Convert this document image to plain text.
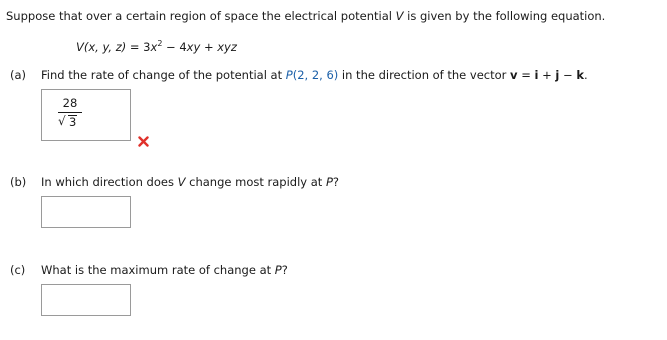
Suppose that over a certain region of space the electrical potential V is given by the following equation.
V(x, y, $z) = 3x^2 - 4xy$ + xyz
(a) Find the rate of change of the potential at P(2, 2, 6) in the direction of the vector v = i + j − k.
28
√ 3
(b) In which direction does V change most rapidly at P?
(c) What is the maximum rate of change at P?
